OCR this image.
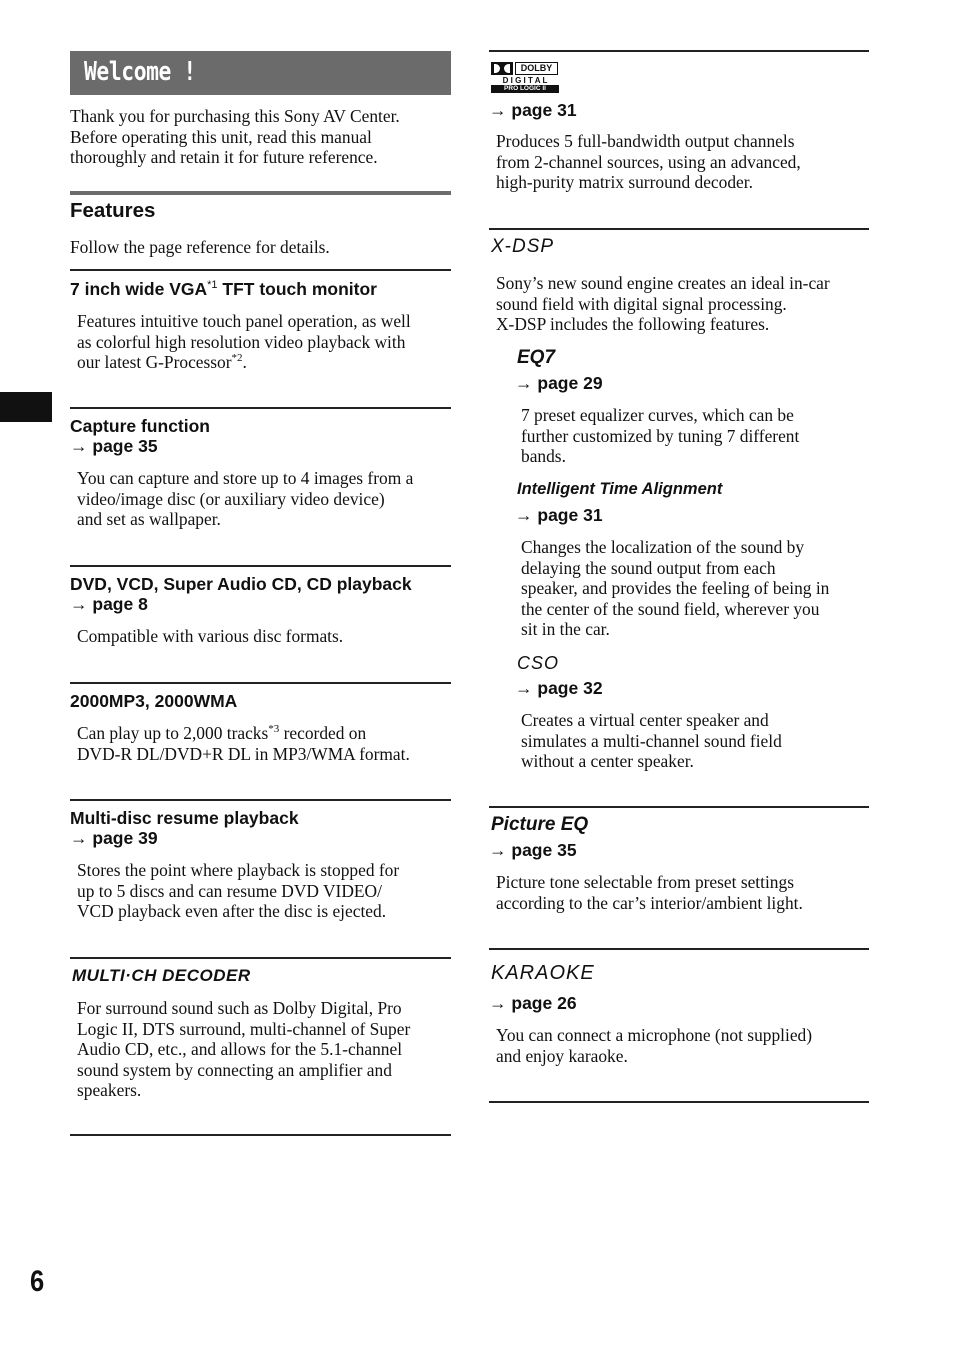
Welcome !
Thank you for purchasing this Sony AV Center.
Before operating this unit, read this manual
thoroughly and retain it for future reference.
Features
Follow the page reference for details.
7 inch wide VGA$^{*1}$ TFT touch monitor
Features intuitive touch panel operation, as well
as colorful high resolution video playback with
our latest G-Processor$^{*2}$.
Capture function
→ page 35
You can capture and store up to 4 images from a
video/image disc (or auxiliary video device)
and set as wallpaper.
DVD, VCD, Super Audio CD, CD playback
→ page 8
Compatible with various disc formats.
2000MP3, 2000WMA
Can play up to 2,000 tracks$^{*3}$ recorded on
DVD-R DL/DVD+R DL in MP3/WMA format.
Multi-disc resume playback
→ page 39
Stores the point where playback is stopped for
up to 5 discs and can resume DVD VIDEO/
VCD playback even after the disc is ejected.
MULTI·CH DECODER
For surround sound such as Dolby Digital, Pro
Logic II, DTS surround, multi-channel of Super
Audio CD, etc., and allows for the 5.1-channel
sound system by connecting an amplifier and
speakers.
DOLBY
D I G I T A L
PRO LOGIC II
→ page 31
Produces 5 full-bandwidth output channels
from 2-channel sources, using an advanced,
high-purity matrix surround decoder.
X-DSP
Sony’s new sound engine creates an ideal in-car
sound field with digital signal processing.
X-DSP includes the following features.
EQ7
→ page 29
7 preset equalizer curves, which can be
further customized by tuning 7 different
bands.
Intelligent Time Alignment
→ page 31
Changes the localization of the sound by
delaying the sound output from each
speaker, and provides the feeling of being in
the center of the sound field, wherever you
sit in the car.
CSO
→ page 32
Creates a virtual center speaker and
simulates a multi-channel sound field
without a center speaker.
Picture EQ
→ page 35
Picture tone selectable from preset settings
according to the car’s interior/ambient light.
KARAOKE
→ page 26
You can connect a microphone (not supplied)
and enjoy karaoke.
6
